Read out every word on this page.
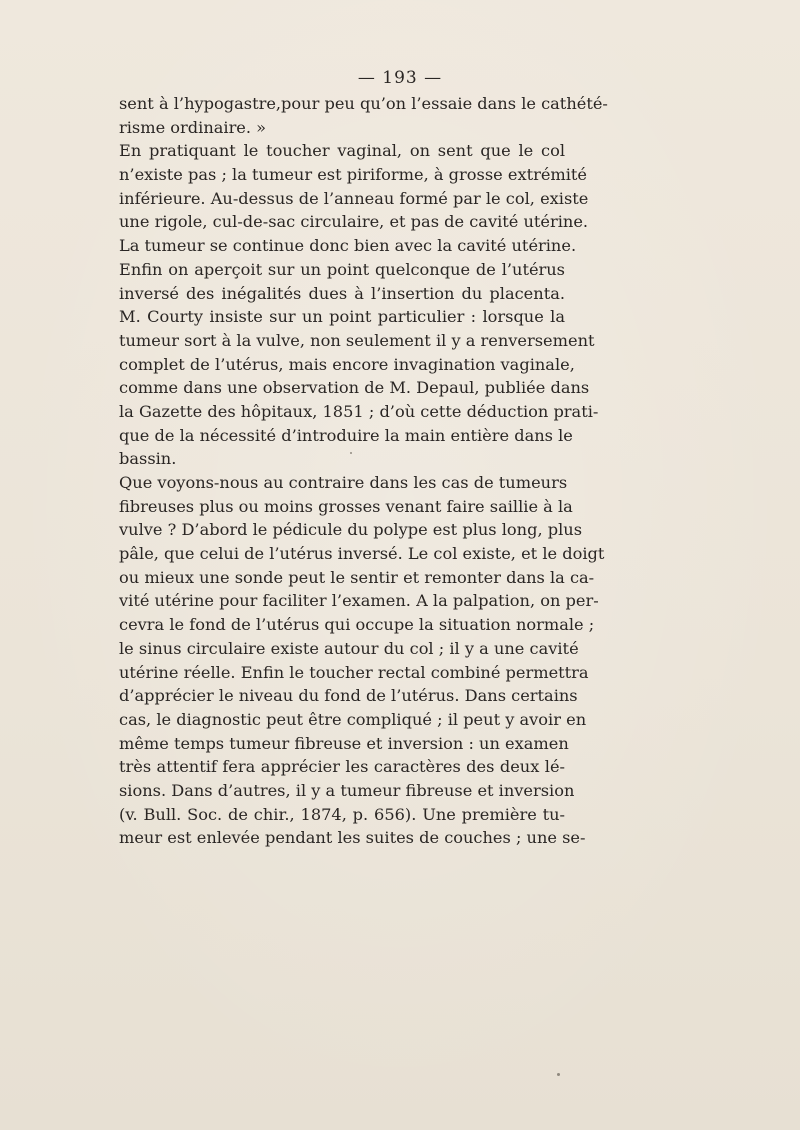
— 193 —
sent à l’hypogastre,pour peu qu’on l’essaie dans le cathété-
risme ordinaire. »
En pratiquant le toucher vaginal, on sent que le col
n’existe pas ; la tumeur est piriforme, à grosse extrémité
inférieure. Au-dessus de l’anneau formé par le col, existe
une rigole, cul-de-sac circulaire, et pas de cavité utérine.
La tumeur se continue donc bien avec la cavité utérine.
Enfin on aperçoit sur un point quelconque de l’utérus
inversé des inégalités dues à l’insertion du placenta.
M. Courty insiste sur un point particulier : lorsque la
tumeur sort à la vulve, non seulement il y a renversement
complet de l’utérus, mais encore invagination vaginale,
comme dans une observation de M. Depaul, publiée dans
la Gazette des hôpitaux, 1851 ; d’où cette déduction prati-
que de la nécessité d’introduire la main entière dans le
bassin.
Que voyons-nous au contraire dans les cas de tumeurs
fibreuses plus ou moins grosses venant faire saillie à la
vulve ? D’abord le pédicule du polype est plus long, plus
pâle, que celui de l’utérus inversé. Le col existe, et le doigt
ou mieux une sonde peut le sentir et remonter dans la ca-
vité utérine pour faciliter l’examen. A la palpation, on per-
cevra le fond de l’utérus qui occupe la situation normale ;
le sinus circulaire existe autour du col ; il y a une cavité
utérine réelle. Enfin le toucher rectal combiné permettra
d’apprécier le niveau du fond de l’utérus. Dans certains
cas, le diagnostic peut être compliqué ; il peut y avoir en
même temps tumeur fibreuse et inversion : un examen
très attentif fera apprécier les caractères des deux lé-
sions. Dans d’autres, il y a tumeur fibreuse et inversion
(v. Bull. Soc. de chir., 1874, p. 656). Une première tu-
meur est enlevée pendant les suites de couches ; une se-
